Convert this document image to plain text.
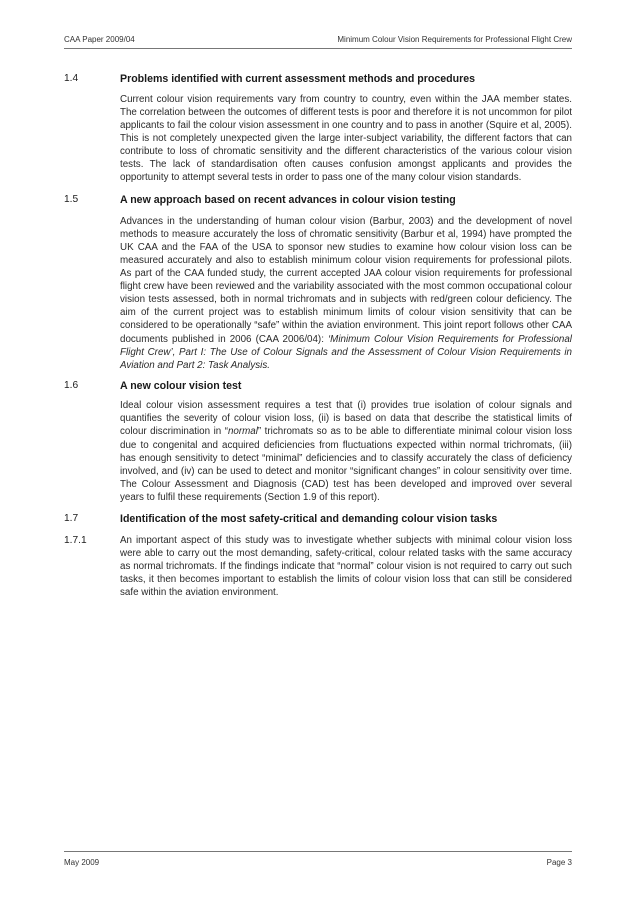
CAA Paper 2009/04	Minimum Colour Vision Requirements for Professional Flight Crew
1.4	Problems identified with current assessment methods and procedures
Current colour vision requirements vary from country to country, even within the JAA member states. The correlation between the outcomes of different tests is poor and therefore it is not uncommon for pilot applicants to fail the colour vision assessment in one country and to pass in another (Squire et al, 2005). This is not completely unexpected given the large inter-subject variability, the different factors that can contribute to loss of chromatic sensitivity and the different characteristics of the various colour vision tests. The lack of standardisation often causes confusion amongst applicants and provides the opportunity to attempt several tests in order to pass one of the many colour vision standards.
1.5	A new approach based on recent advances in colour vision testing
Advances in the understanding of human colour vision (Barbur, 2003) and the development of novel methods to measure accurately the loss of chromatic sensitivity (Barbur et al, 1994) have prompted the UK CAA and the FAA of the USA to sponsor new studies to examine how colour vision loss can be measured accurately and also to establish minimum colour vision requirements for professional pilots. As part of the CAA funded study, the current accepted JAA colour vision requirements for professional flight crew have been reviewed and the variability associated with the most common occupational colour vision tests assessed, both in normal trichromats and in subjects with red/green colour deficiency. The aim of the current project was to establish minimum limits of colour vision sensitivity that can be considered to be operationally “safe” within the aviation environment. This joint report follows other CAA documents published in 2006 (CAA 2006/04): ‘Minimum Colour Vision Requirements for Professional Flight Crew’, Part I: The Use of Colour Signals and the Assessment of Colour Vision Requirements in Aviation and Part 2: Task Analysis.
1.6	A new colour vision test
Ideal colour vision assessment requires a test that (i) provides true isolation of colour signals and quantifies the severity of colour vision loss, (ii) is based on data that describe the statistical limits of colour discrimination in “normal” trichromats so as to be able to differentiate minimal colour vision loss due to congenital and acquired deficiencies from fluctuations expected within normal trichromats, (iii) has enough sensitivity to detect “minimal” deficiencies and to classify accurately the class of deficiency involved, and (iv) can be used to detect and monitor “significant changes” in colour sensitivity over time. The Colour Assessment and Diagnosis (CAD) test has been developed and improved over several years to fulfil these requirements (Section 1.9 of this report).
1.7	Identification of the most safety-critical and demanding colour vision tasks
1.7.1	An important aspect of this study was to investigate whether subjects with minimal colour vision loss were able to carry out the most demanding, safety-critical, colour related tasks with the same accuracy as normal trichromats. If the findings indicate that “normal” colour vision is not required to carry out such tasks, it then becomes important to establish the limits of colour vision loss that can still be considered safe within the aviation environment.
May 2009	Page 3
